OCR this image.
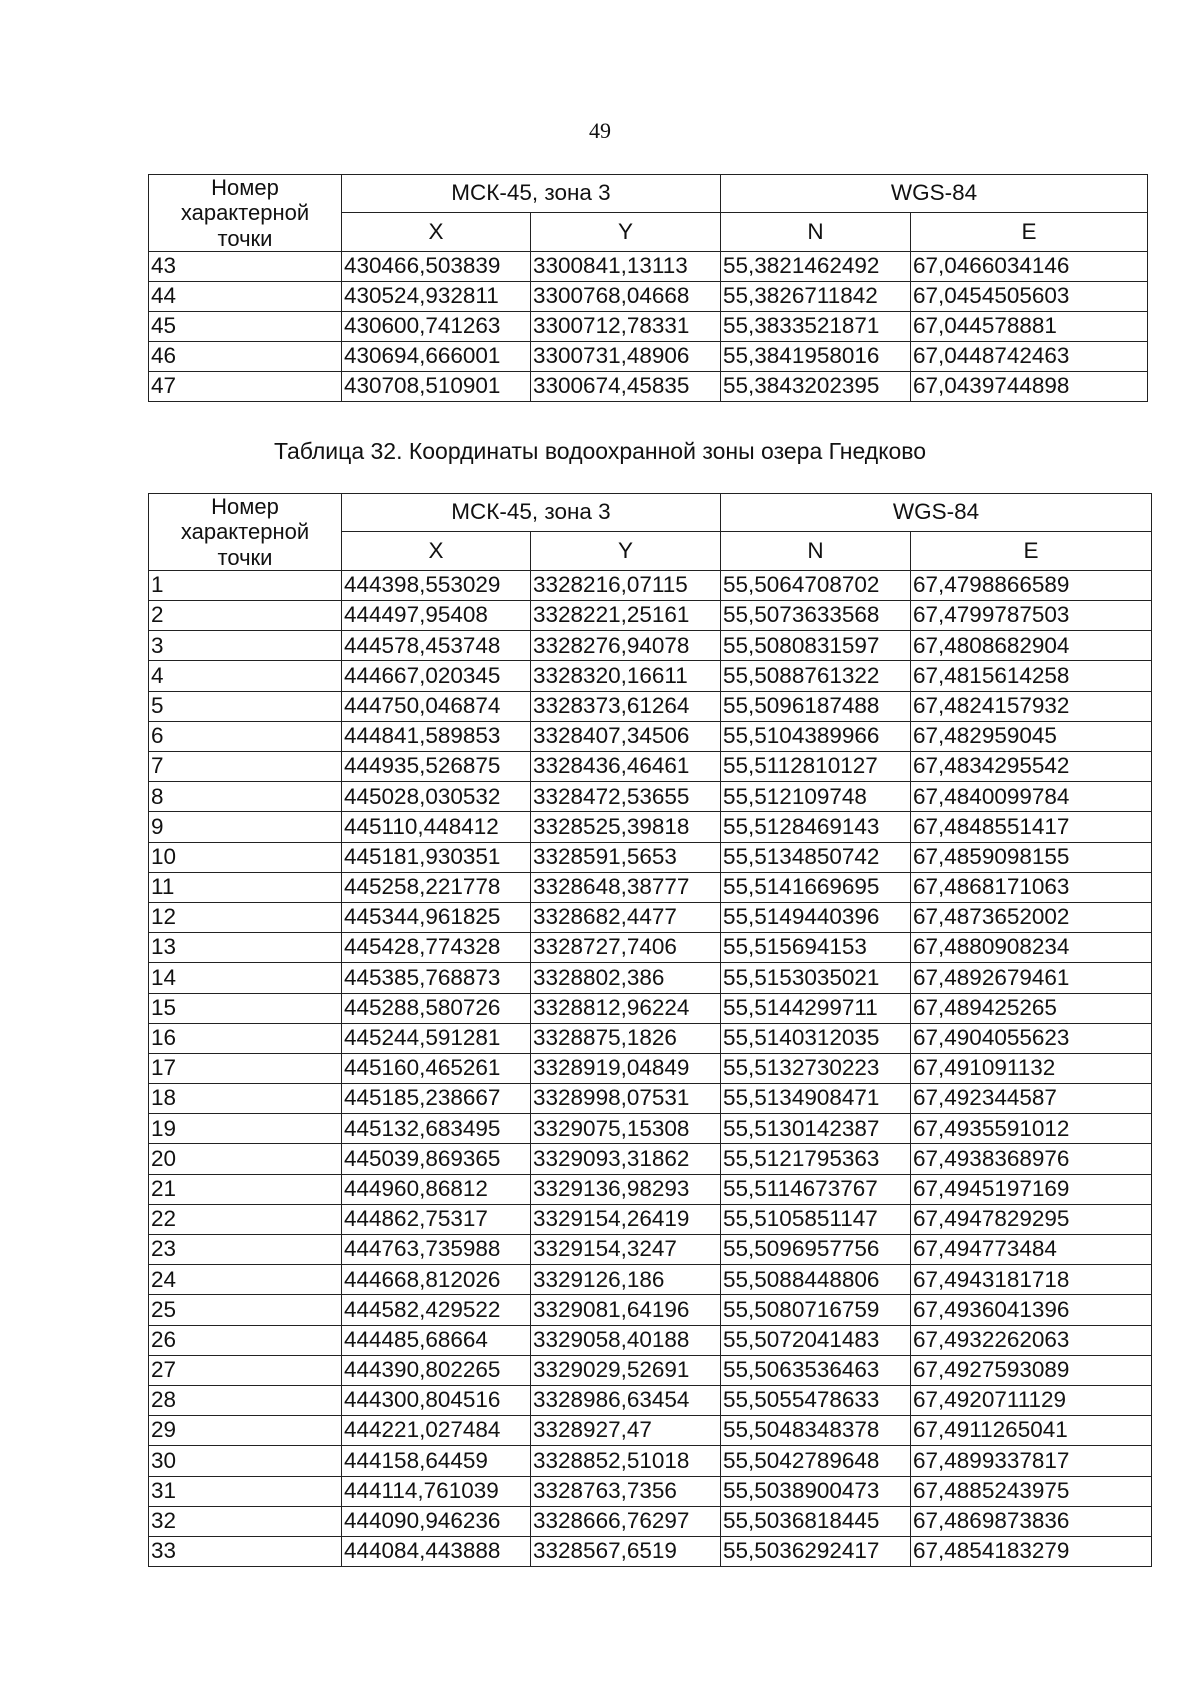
49
Номер
характерной
точки	МСК-45, зона 3		WGS-84	
	X	Y	N	E
43	430466,503839	3300841,13113	55,3821462492	67,0466034146
44	430524,932811	3300768,04668	55,3826711842	67,0454505603
45	430600,741263	3300712,78331	55,3833521871	67,044578881
46	430694,666001	3300731,48906	55,3841958016	67,0448742463
47	430708,510901	3300674,45835	55,3843202395	67,0439744898
Таблица 32. Координаты водоохранной зоны озера Гнедково
Номер
характерной
точки	МСК-45, зона 3		WGS-84	
	X	Y	N	E
1	444398,553029	3328216,07115	55,5064708702	67,4798866589
2	444497,95408	3328221,25161	55,5073633568	67,4799787503
3	444578,453748	3328276,94078	55,5080831597	67,4808682904
4	444667,020345	3328320,16611	55,5088761322	67,4815614258
5	444750,046874	3328373,61264	55,5096187488	67,4824157932
6	444841,589853	3328407,34506	55,5104389966	67,482959045
7	444935,526875	3328436,46461	55,5112810127	67,4834295542
8	445028,030532	3328472,53655	55,512109748	67,4840099784
9	445110,448412	3328525,39818	55,5128469143	67,4848551417
10	445181,930351	3328591,5653	55,5134850742	67,4859098155
11	445258,221778	3328648,38777	55,5141669695	67,4868171063
12	445344,961825	3328682,4477	55,5149440396	67,4873652002
13	445428,774328	3328727,7406	55,515694153	67,4880908234
14	445385,768873	3328802,386	55,5153035021	67,4892679461
15	445288,580726	3328812,96224	55,5144299711	67,489425265
16	445244,591281	3328875,1826	55,5140312035	67,4904055623
17	445160,465261	3328919,04849	55,5132730223	67,491091132
18	445185,238667	3328998,07531	55,5134908471	67,492344587
19	445132,683495	3329075,15308	55,5130142387	67,4935591012
20	445039,869365	3329093,31862	55,5121795363	67,4938368976
21	444960,86812	3329136,98293	55,5114673767	67,4945197169
22	444862,75317	3329154,26419	55,5105851147	67,4947829295
23	444763,735988	3329154,3247	55,5096957756	67,494773484
24	444668,812026	3329126,186	55,5088448806	67,4943181718
25	444582,429522	3329081,64196	55,5080716759	67,4936041396
26	444485,68664	3329058,40188	55,5072041483	67,4932262063
27	444390,802265	3329029,52691	55,5063536463	67,4927593089
28	444300,804516	3328986,63454	55,5055478633	67,4920711129
29	444221,027484	3328927,47	55,5048348378	67,4911265041
30	444158,64459	3328852,51018	55,5042789648	67,4899337817
31	444114,761039	3328763,7356	55,5038900473	67,4885243975
32	444090,946236	3328666,76297	55,5036818445	67,4869873836
33	444084,443888	3328567,6519	55,5036292417	67,4854183279
